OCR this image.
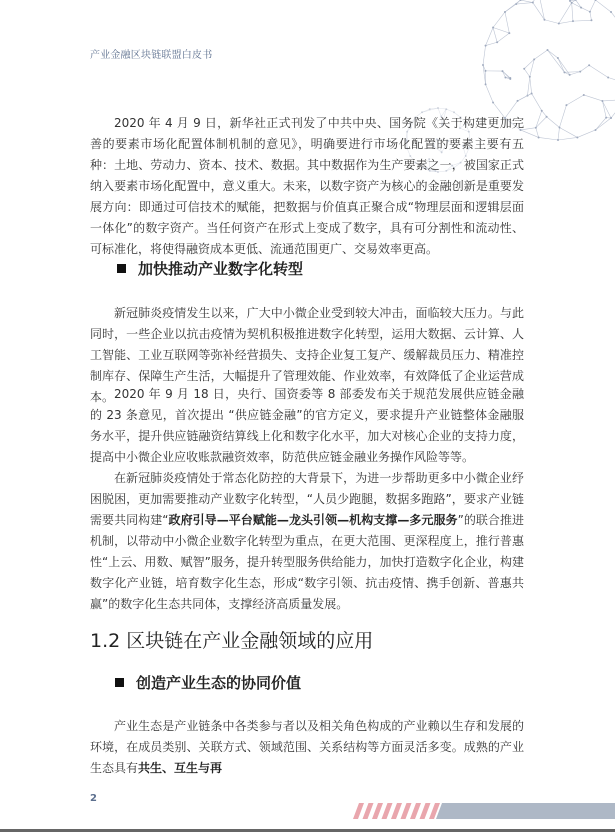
产业金融区块链联盟白皮书
2020 年 4 月 9 日，新华社正式刊发了中共中央、国务院《关于构建更加完善的要素市场化配置体制机制的意见》，明确要进行市场化配置的要素主要有五种：土地、劳动力、资本、技术、数据。其中数据作为生产要素之一，被国家正式纳入要素市场化配置中，意义重大。未来，以数字资产为核心的金融创新是重要发展方向：即通过可信技术的赋能，把数据与价值真正聚合成“物理层面和逻辑层面一体化”的数字资产。当任何资产在形式上变成了数字，具有可分割性和流动性、可标准化，将使得融资成本更低、流通范围更广、交易效率更高。
加快推动产业数字化转型
新冠肺炎疫情发生以来，广大中小微企业受到较大冲击，面临较大压力。与此同时，一些企业以抗击疫情为契机积极推进数字化转型，运用大数据、云计算、人工智能、工业互联网等弥补经营损失、支持企业复工复产、缓解裁员压力、精准控制库存、保障生产生活，大幅提升了管理效能、作业效率，有效降低了企业运营成本。 2020 年 9 月 18 日，央行、国资委等 8 部委发布关于规范发展供应链金融的 23 条意见，首次提出 “供应链金融”的官方定义，要求提升产业链整体金融服务水平，提升供应链融资结算线上化和数字化水平，加大对核心企业的支持力度，提高中小微企业应收账款融资效率，防范供应链金融业务操作风险等等。
在新冠肺炎疫情处于常态化防控的大背景下，为进一步帮助更多中小微企业纾困脱困，更加需要推动产业数字化转型，“人员少跑腿，数据多跑路”，要求产业链需要共同构建“政府引导—平台赋能—龙头引领—机构支撑—多元服务”的联合推进机制，以带动中小微企业数字化转型为重点，在更大范围、更深程度上，推行普惠性“上云、用数、赋智”服务，提升转型服务供给能力，加快打造数字化企业，构建数字化产业链，培育数字化生态，形成“数字引领、抗击疫情、携手创新、普惠共赢”的数字化生态共同体，支撑经济高质量发展。
1.2 区块链在产业金融领域的应用
创造产业生态的协同价值
产业生态是产业链条中各类参与者以及相关角色构成的产业赖以生存和发展的环境，在成员类别、关联方式、领域范围、关系结构等方面灵活多变。成熟的产业生态具有共生、互生与再
2
